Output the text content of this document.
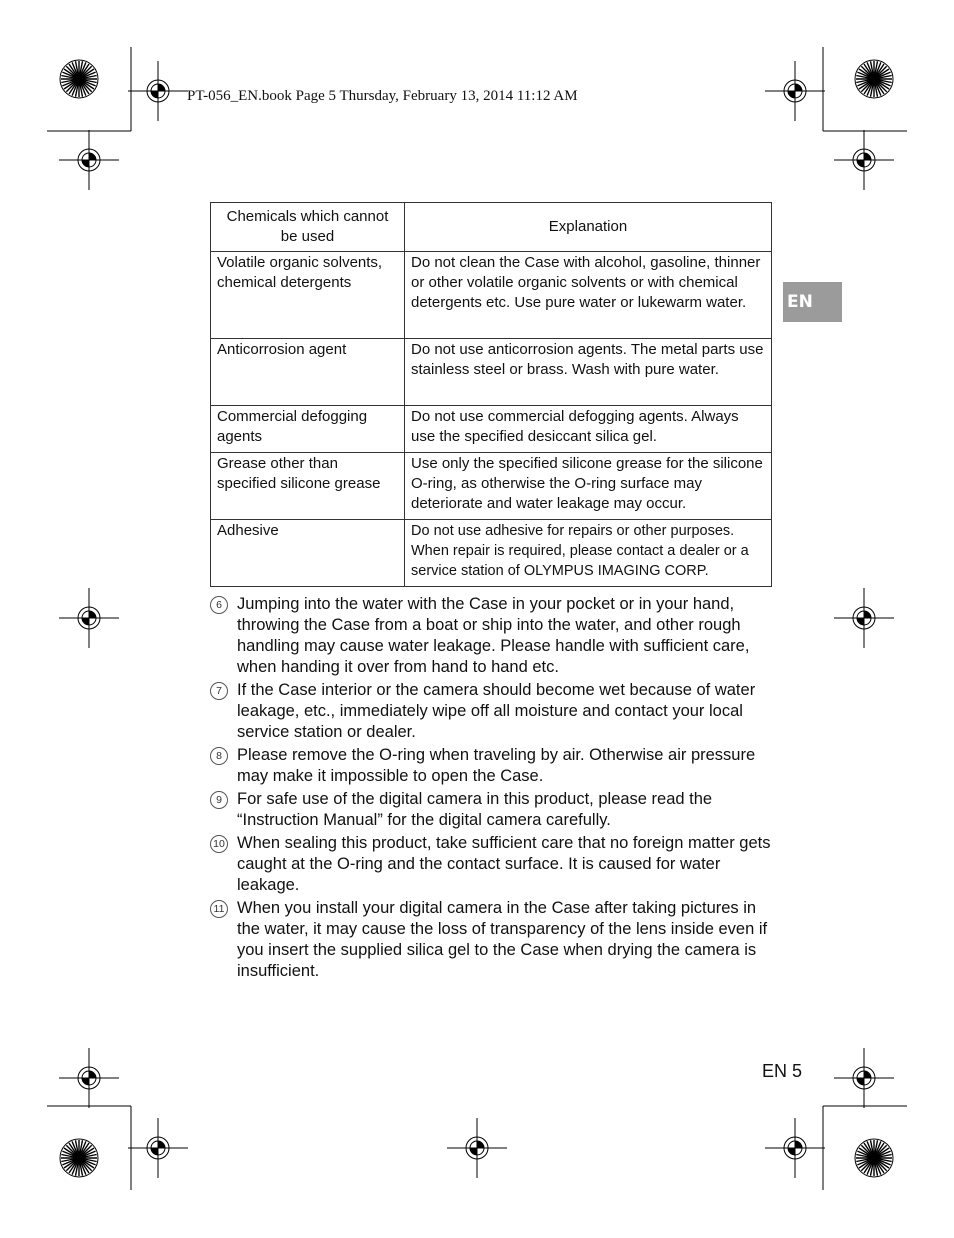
PT-056_EN.book Page 5 Thursday, February 13, 2014 11:12 AM
EN
Chemicals which cannot be used	Explanation
Volatile organic solvents, chemical detergents	Do not clean the Case with alcohol, gasoline, thinner or other volatile organic solvents or with chemical detergents etc. Use pure water or lukewarm water.
Anticorrosion agent	Do not use anticorrosion agents. The metal parts use stainless steel or brass. Wash with pure water.
Commercial defogging agents	Do not use commercial defogging agents. Always use the specified desiccant silica gel.
Grease other than specified silicone grease	Use only the specified silicone grease for the silicone O-ring, as otherwise the O-ring surface may deteriorate and water leakage may occur.
Adhesive	Do not use adhesive for repairs or other purposes. When repair is required, please contact a dealer or a service station of OLYMPUS IMAGING CORP.
6 Jumping into the water with the Case in your pocket or in your hand, throwing the Case from a boat or ship into the water, and other rough handling may cause water leakage. Please handle with sufficient care, when handing it over from hand to hand etc.
7 If the Case interior or the camera should become wet because of water leakage, etc., immediately wipe off all moisture and contact your local service station or dealer.
8 Please remove the O-ring when traveling by air. Otherwise air pressure may make it impossible to open the Case.
9 For safe use of the digital camera in this product, please read the “Instruction Manual” for the digital camera carefully.
10 When sealing this product, take sufficient care that no foreign matter gets caught at the O-ring and the contact surface. It is caused for water leakage.
11 When you install your digital camera in the Case after taking pictures in the water, it may cause the loss of transparency of the lens inside even if you insert the supplied silica gel to the Case when drying the camera is insufficient.
EN 5
